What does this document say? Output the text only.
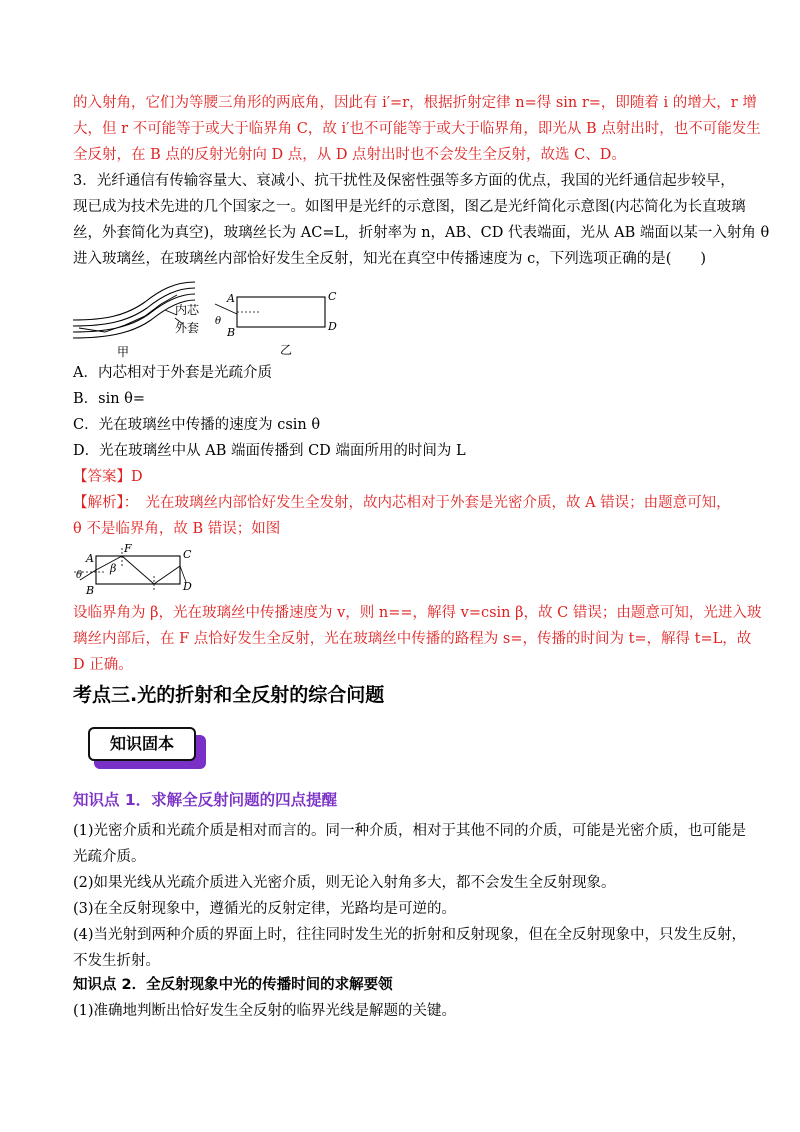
的入射角，它们为等腰三角形的两底角，因此有 i′=r，根据折射定律 n=得 sin r=，即随着 i 的增大，r 增
大，但 r 不可能等于或大于临界角 C，故 i′也不可能等于或大于临界角，即光从 B 点射出时，也不可能发生
全反射，在 B 点的反射光射向 D 点，从 D 点射出时也不会发生全反射，故选 C、D。
3．光纤通信有传输容量大、衰减小、抗干扰性及保密性强等多方面的优点，我国的光纤通信起步较早，
现已成为技术先进的几个国家之一。如图甲是光纤的示意图，图乙是光纤简化示意图(内芯简化为长直玻璃
丝，外套简化为真空)，玻璃丝长为 AC=L，折射率为 n，AB、CD 代表端面，光从 AB 端面以某一入射角 θ
进入玻璃丝，在玻璃丝内部恰好发生全反射，知光在真空中传播速度为 c，下列选项正确的是(　　)
内芯
外套
甲
A
B
C
D
θ
乙
A．内芯相对于外套是光疏介质
B．sin θ=
C．光在玻璃丝中传播的速度为 csin θ
D．光在玻璃丝中从 AB 端面传播到 CD 端面所用的时间为 L
【答案】D
【解析】：　光在玻璃丝内部恰好发生全发射，故内芯相对于外套是光密介质，故 A 错误；由题意可知，
θ 不是临界角，故 B 错误；如图
A
B
C
D
F
θ
β
设临界角为 β，光在玻璃丝中传播速度为 v，则 n==，解得 v=csin β，故 C 错误；由题意可知，光进入玻
璃丝内部后，在 F 点恰好发生全反射，光在玻璃丝中传播的路程为 s=，传播的时间为 t=，解得 t=L，故
D 正确。
考点三.光的折射和全反射的综合问题
知识固本
知识点 1．求解全反射问题的四点提醒
(1)光密介质和光疏介质是相对而言的。同一种介质，相对于其他不同的介质，可能是光密介质，也可能是
光疏介质。
(2)如果光线从光疏介质进入光密介质，则无论入射角多大，都不会发生全反射现象。
(3)在全反射现象中，遵循光的反射定律，光路均是可逆的。
(4)当光射到两种介质的界面上时，往往同时发生光的折射和反射现象，但在全反射现象中，只发生反射，
不发生折射。
知识点 2．全反射现象中光的传播时间的求解要领
(1)准确地判断出恰好发生全反射的临界光线是解题的关键。
